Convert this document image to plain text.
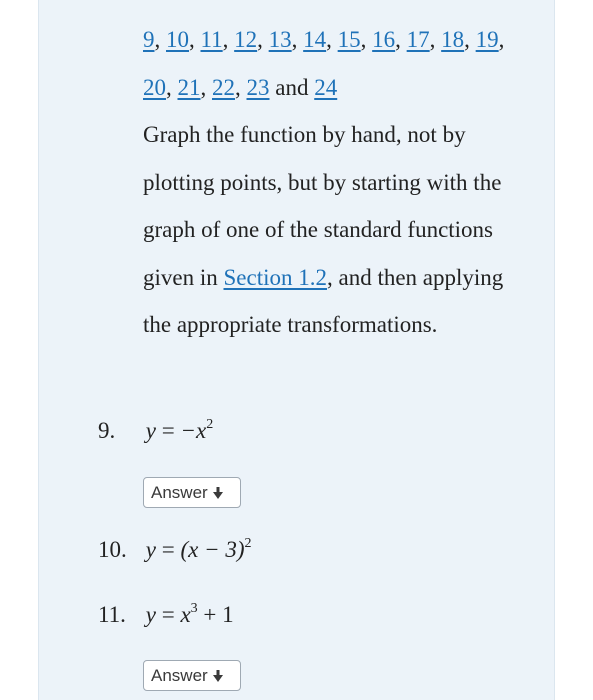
9, 10, 11, 12, 13, 14, 15, 16, 17, 18, 19, 20, 21, 22, 23 and 24
Graph the function by hand, not by plotting points, but by starting with the graph of one of the standard functions given in Section 1.2, and then applying the appropriate transformations.
9. $y = -x^2$
Answer
10. $y = (x - 3)^2$
11. $y = x^3 + 1$
Answer
